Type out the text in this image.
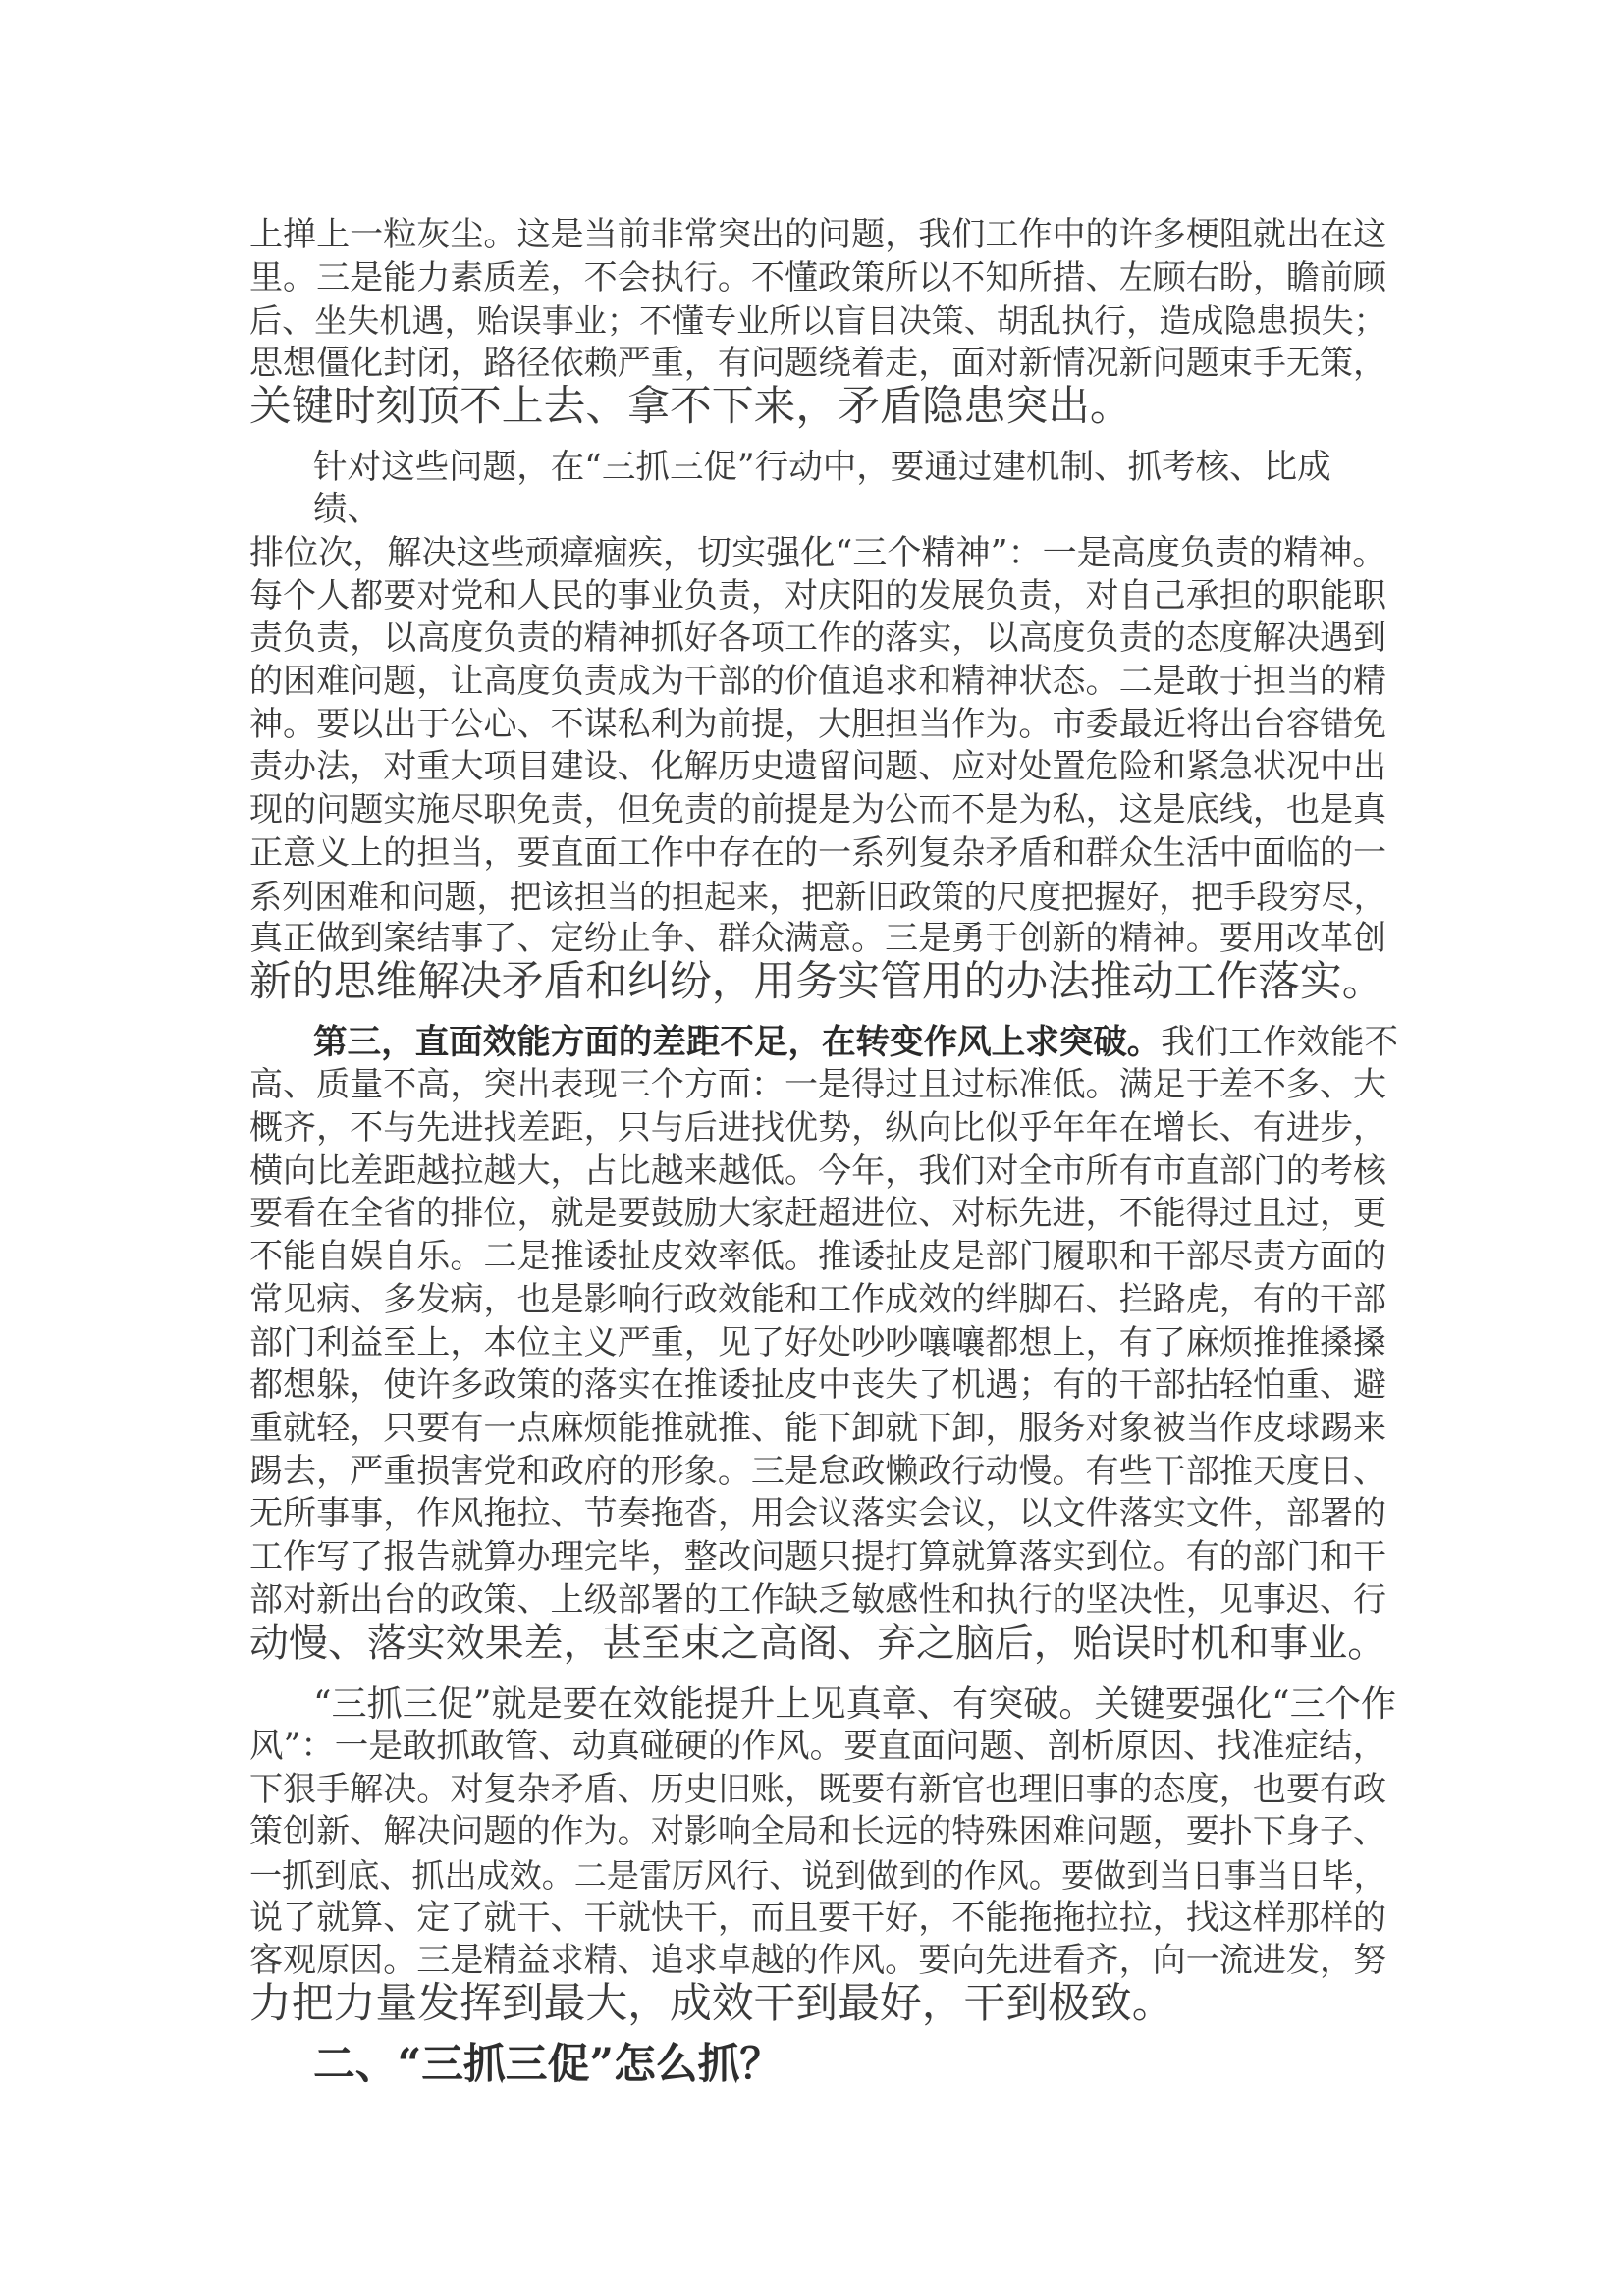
上掸上一粒灰尘。这是当前非常突出的问题，我们工作中的许多梗阻就出在这
里。三是能力素质差，不会执行。不懂政策所以不知所措、左顾右盼，瞻前顾
后、坐失机遇，贻误事业；不懂专业所以盲目决策、胡乱执行，造成隐患损失；
思想僵化封闭，路径依赖严重，有问题绕着走，面对新情况新问题束手无策，
关键时刻顶不上去、拿不下来，矛盾隐患突出。
针对这些问题，在“三抓三促”行动中，要通过建机制、抓考核、比成绩、
排位次，解决这些顽瘴痼疾，切实强化“三个精神”：一是高度负责的精神。
每个人都要对党和人民的事业负责，对庆阳的发展负责，对自己承担的职能职
责负责，以高度负责的精神抓好各项工作的落实，以高度负责的态度解决遇到
的困难问题，让高度负责成为干部的价值追求和精神状态。二是敢于担当的精
神。要以出于公心、不谋私利为前提，大胆担当作为。市委最近将出台容错免
责办法，对重大项目建设、化解历史遗留问题、应对处置危险和紧急状况中出
现的问题实施尽职免责，但免责的前提是为公而不是为私，这是底线，也是真
正意义上的担当，要直面工作中存在的一系列复杂矛盾和群众生活中面临的一
系列困难和问题，把该担当的担起来，把新旧政策的尺度把握好，把手段穷尽，
真正做到案结事了、定纷止争、群众满意。三是勇于创新的精神。要用改革创
新的思维解决矛盾和纠纷，用务实管用的办法推动工作落实。
第三，直面效能方面的差距不足，在转变作风上求突破。我们工作效能不
高、质量不高，突出表现三个方面：一是得过且过标准低。满足于差不多、大
概齐，不与先进找差距，只与后进找优势，纵向比似乎年年在增长、有进步，
横向比差距越拉越大，占比越来越低。今年，我们对全市所有市直部门的考核
要看在全省的排位，就是要鼓励大家赶超进位、对标先进，不能得过且过，更
不能自娱自乐。二是推诿扯皮效率低。推诿扯皮是部门履职和干部尽责方面的
常见病、多发病，也是影响行政效能和工作成效的绊脚石、拦路虎，有的干部
部门利益至上，本位主义严重，见了好处吵吵嚷嚷都想上，有了麻烦推推搡搡
都想躲，使许多政策的落实在推诿扯皮中丧失了机遇；有的干部拈轻怕重、避
重就轻，只要有一点麻烦能推就推、能下卸就下卸，服务对象被当作皮球踢来
踢去，严重损害党和政府的形象。三是怠政懒政行动慢。有些干部推天度日、
无所事事，作风拖拉、节奏拖沓，用会议落实会议，以文件落实文件，部署的
工作写了报告就算办理完毕，整改问题只提打算就算落实到位。有的部门和干
部对新出台的政策、上级部署的工作缺乏敏感性和执行的坚决性，见事迟、行
动慢、落实效果差，甚至束之高阁、弃之脑后，贻误时机和事业。
“三抓三促”就是要在效能提升上见真章、有突破。关键要强化“三个作
风”：一是敢抓敢管、动真碰硬的作风。要直面问题、剖析原因、找准症结，
下狠手解决。对复杂矛盾、历史旧账，既要有新官也理旧事的态度，也要有政
策创新、解决问题的作为。对影响全局和长远的特殊困难问题，要扑下身子、
一抓到底、抓出成效。二是雷厉风行、说到做到的作风。要做到当日事当日毕，
说了就算、定了就干、干就快干，而且要干好，不能拖拖拉拉，找这样那样的
客观原因。三是精益求精、追求卓越的作风。要向先进看齐，向一流进发，努
力把力量发挥到最大，成效干到最好，干到极致。
二、“三抓三促”怎么抓？
